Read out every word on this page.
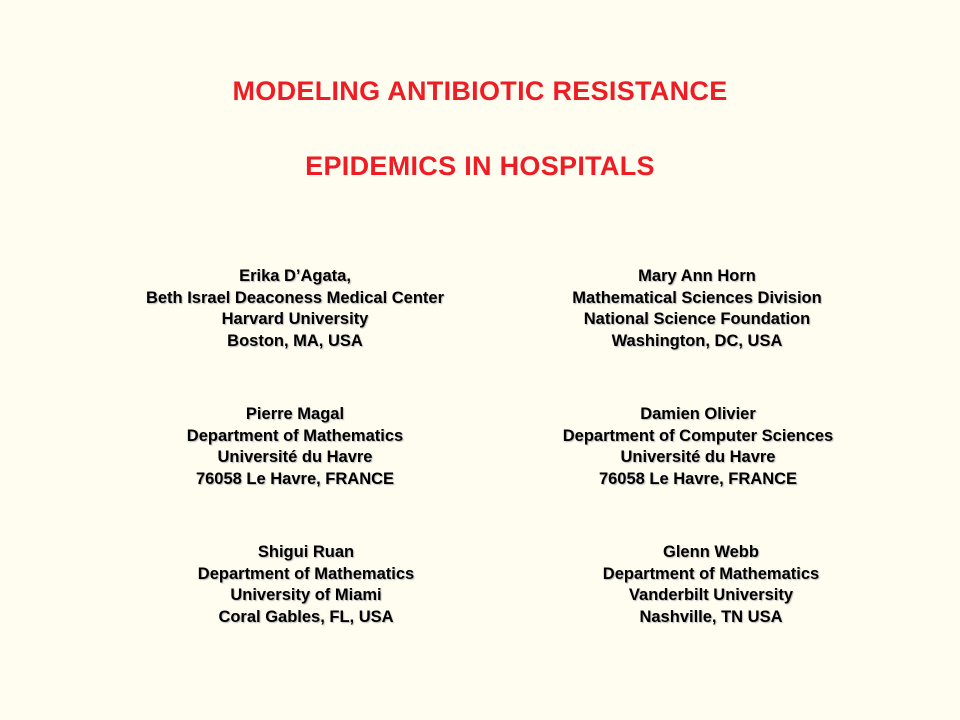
MODELING ANTIBIOTIC RESISTANCE
EPIDEMICS IN HOSPITALS
Erika D’Agata,
Beth Israel Deaconess Medical Center
Harvard University
Boston, MA, USA
Mary Ann Horn
Mathematical Sciences Division
National Science Foundation
Washington, DC, USA
Pierre Magal
Department of Mathematics
Université du Havre
76058 Le Havre, FRANCE
Damien Olivier
Department of Computer Sciences
Université du Havre
76058 Le Havre, FRANCE
Shigui Ruan
Department of Mathematics
University of Miami
Coral Gables, FL, USA
Glenn Webb
Department of Mathematics
Vanderbilt University
Nashville, TN USA
